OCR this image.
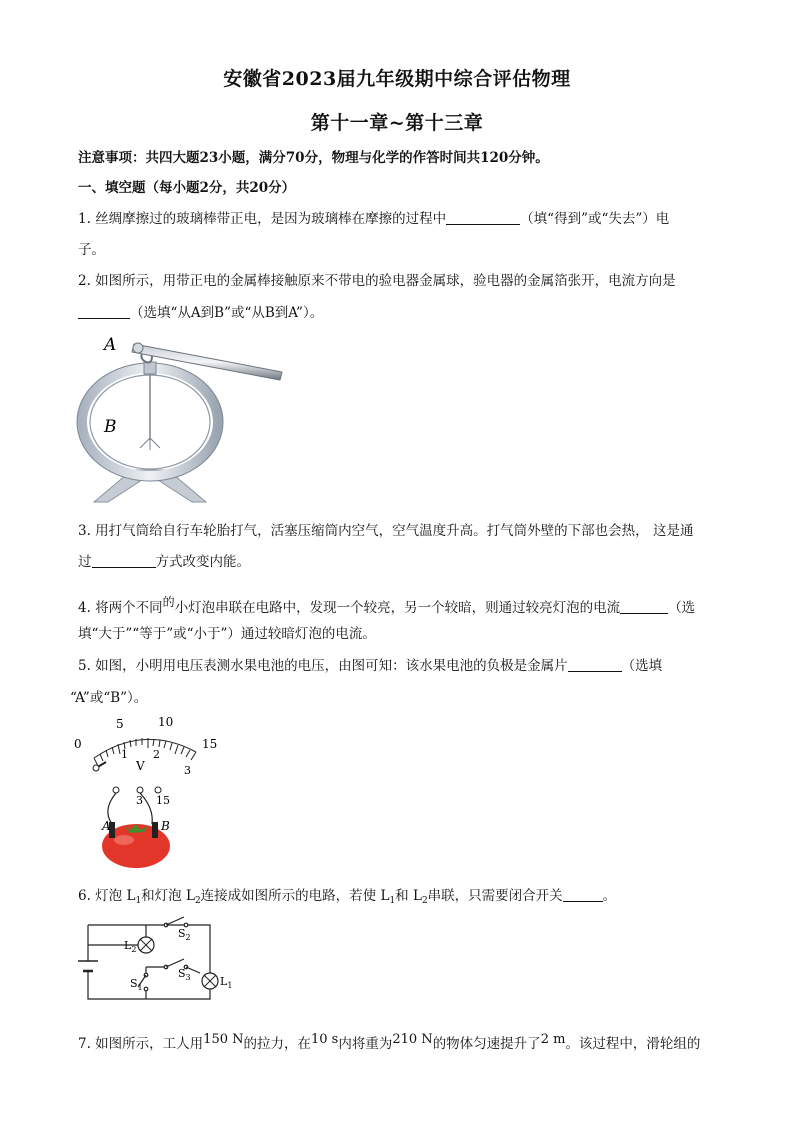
安徽省2023届九年级期中综合评估物理
第十一章~第十三章
注意事项：共四大题23小题，满分70分，物理与化学的作答时间共120分钟。
一、填空题（每小题2分，共20分）
1. 丝绸摩擦过的玻璃棒带正电，是因为玻璃棒在摩擦的过程中	（填“得到”或“失去”）电
子。
2. 如图所示，用带正电的金属棒接触原来不带电的验电器金属球，验电器的金属箔张开，电流方向是
（选填“从A到B”或“从B到A”）。
A
B
3. 用打气筒给自行车轮胎打气，活塞压缩筒内空气，空气温度升高。打气筒外壁的下部也会热， 这是通
过	方式改变内能。
4. 将两个不同的小灯泡串联在电路中，发现一个较亮，另一个较暗，则通过较亮灯泡的电流	（选
填“大于”“等于”或“小于”）通过较暗灯泡的电流。
5. 如图，小明用电压表测水果电池的电压，由图可知：该水果电池的负极是金属片	（选填
“A”或“B”）。
0
5	10
15
1 2
3
V
3 15
A	B
6. 灯泡 $L_1$和灯泡 $L_2$连接成如图所示的电路，若使 $L_1$和 $L_2$串联，只需要闭合开关	。
$L_2$
$L_1$
$S_2$
$S_3$
$S_1$
7. 如图所示，工人用150 N的拉力，在10 s内将重为210 N的物体匀速提升了2 m。该过程中，滑轮组的
